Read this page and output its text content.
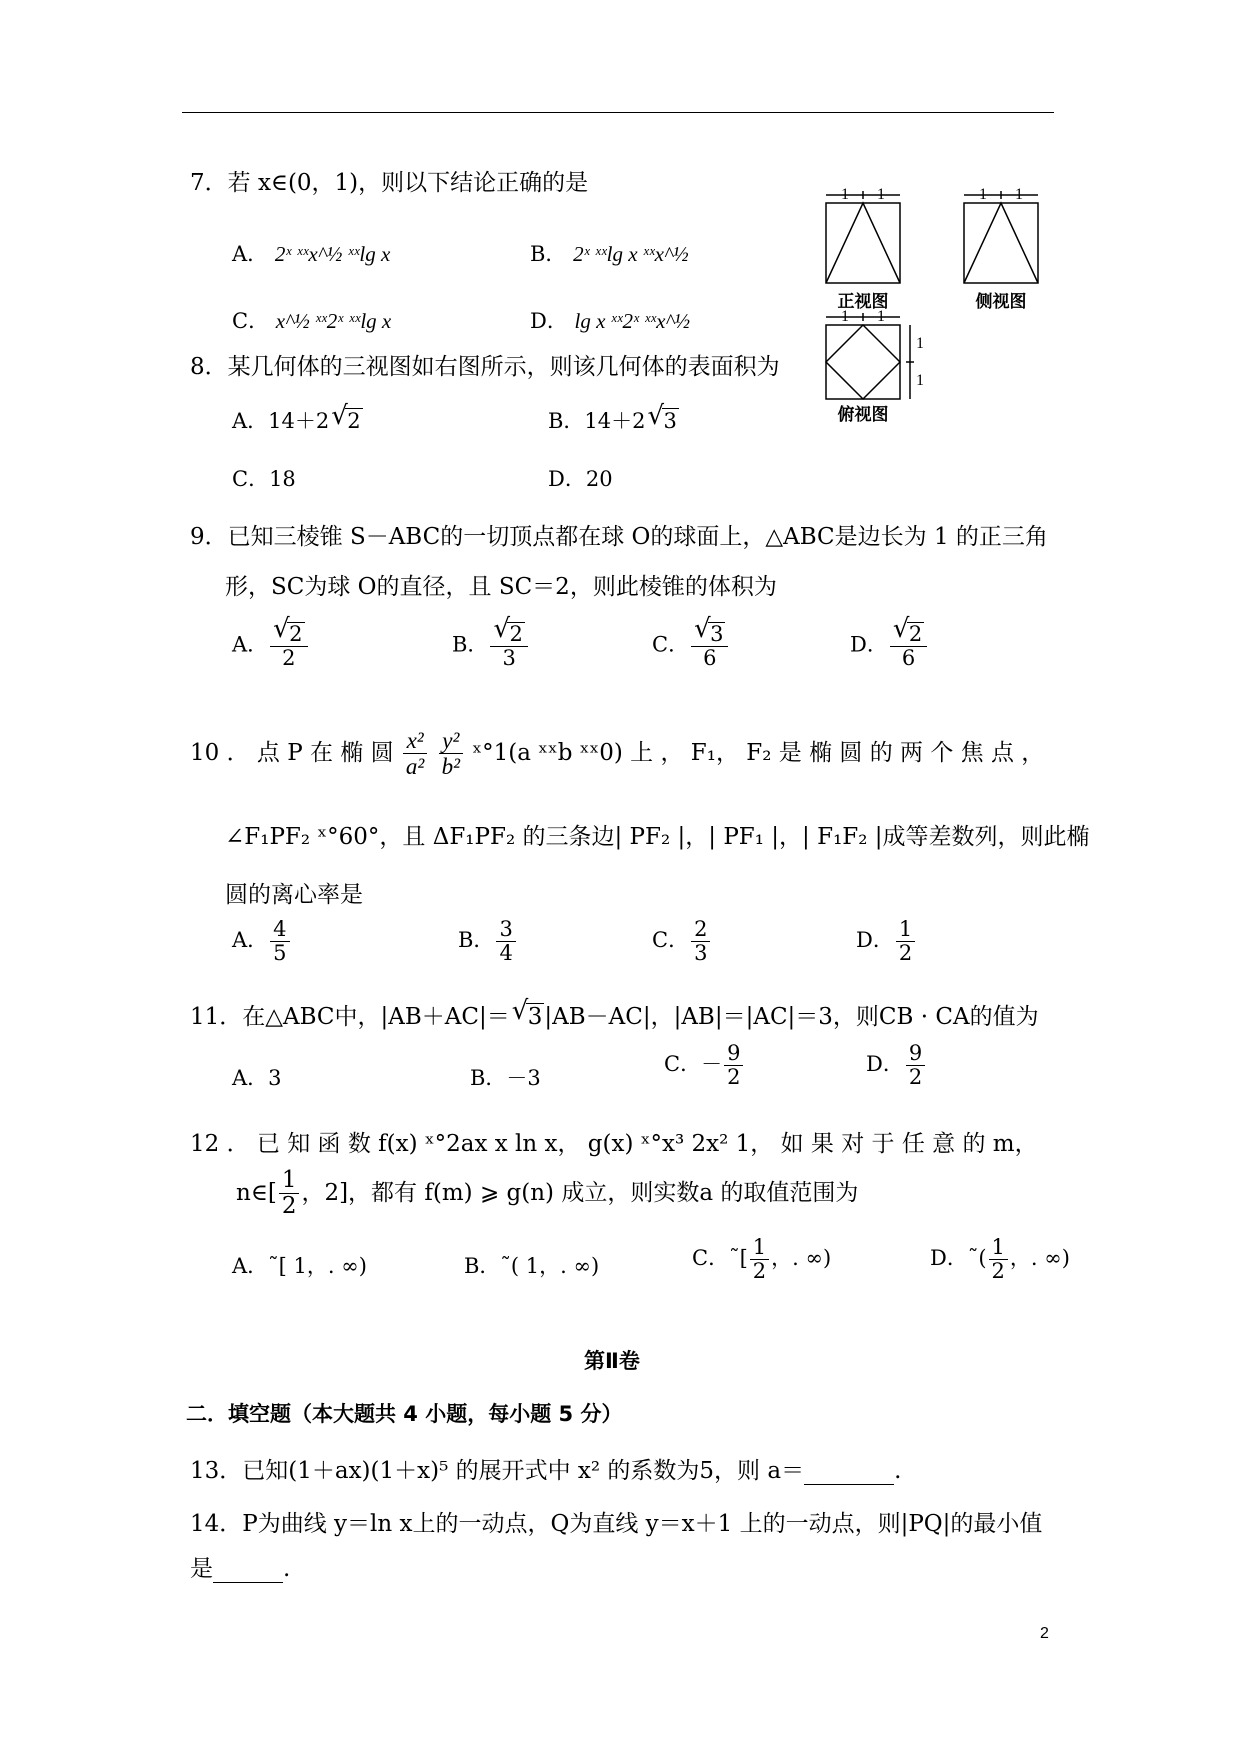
7．若 x∈(0，1)，则以下结论正确的是
A． 2ˣ ˣˣx^½ ˣˣlg x	B． 2ˣ ˣˣlg x ˣˣx^½
C． x^½ ˣˣ2ˣ ˣˣlg x	D． lg x ˣˣ2ˣ ˣˣx^½
1 1	1 1
1 1
1
1
正视图	侧视图
俯视图
8．某几何体的三视图如右图所示，则该几何体的表面积为
A．14＋2 √ 2	B．14＋2 √ 3
C．18	D．20
9．已知三棱锥 S－ABC的一切顶点都在球 O的球面上，△ABC是边长为 1 的正三角
形，SC为球 O的直径，且 SC＝2，则此棱锥的体积为
A． √ $\frac{2}{2}$	B． √ $\frac{2}{3}$	C． √ $\frac{3}{6}$	D． √ $\frac{2}{6}$
10 ． 点 P 在 椭 圆 $\frac{\text{x²}}{\text{a²}}$
$\frac{\text{y²}}{\text{b²}}$ ˣ°1(a ˣˣb ˣˣ0) 上 ， F₁， F₂ 是 椭 圆 的 两 个 焦 点 ，
∠F₁PF₂ ˣ°60°，且 ΔF₁PF₂ 的三条边| PF₂ |，| PF₁ |，| F₁F₂ |成等差数列，则此椭
圆的离心率是
A． $\frac{4}{5}$	B． $\frac{3}{4}$	C． $\frac{2}{3}$	D． $\frac{1}{2}$
11．在△ABC中，|AB＋AC|＝ √ 3|AB－AC|，|AB|＝|AC|＝3，则CB · CA的值为
A．3	B．－3
C．－ $\frac{9}{2}$	D． $\frac{9}{2}$
12 ． 已 知 函 数 f(x) ˣ°2ax x ln x， g(x) ˣ°x³ 2x² 1， 如 果 对 于 任 意 的 m，
n∈[ $\frac{1}{2}$ ，2]，都有 f(m) ⩾ g(n) 成立，则实数a 的取值范围为
A．˜[ 1，. ∞)	B．˜( 1，. ∞)	C．˜[ $\frac{1}{2}$ ，. ∞)	D．˜( $\frac{1}{2}$ ，. ∞)
第Ⅱ卷
二．填空题（本大题共 4 小题，每小题 5 分）
13．已知(1＋ax)(1＋x)⁵ 的展开式中 x² 的系数为5，则 a＝	.
14．P为曲线 y＝ln x上的一动点，Q为直线 y＝x＋1 上的一动点，则|PQ|的最小值
是	.
2
